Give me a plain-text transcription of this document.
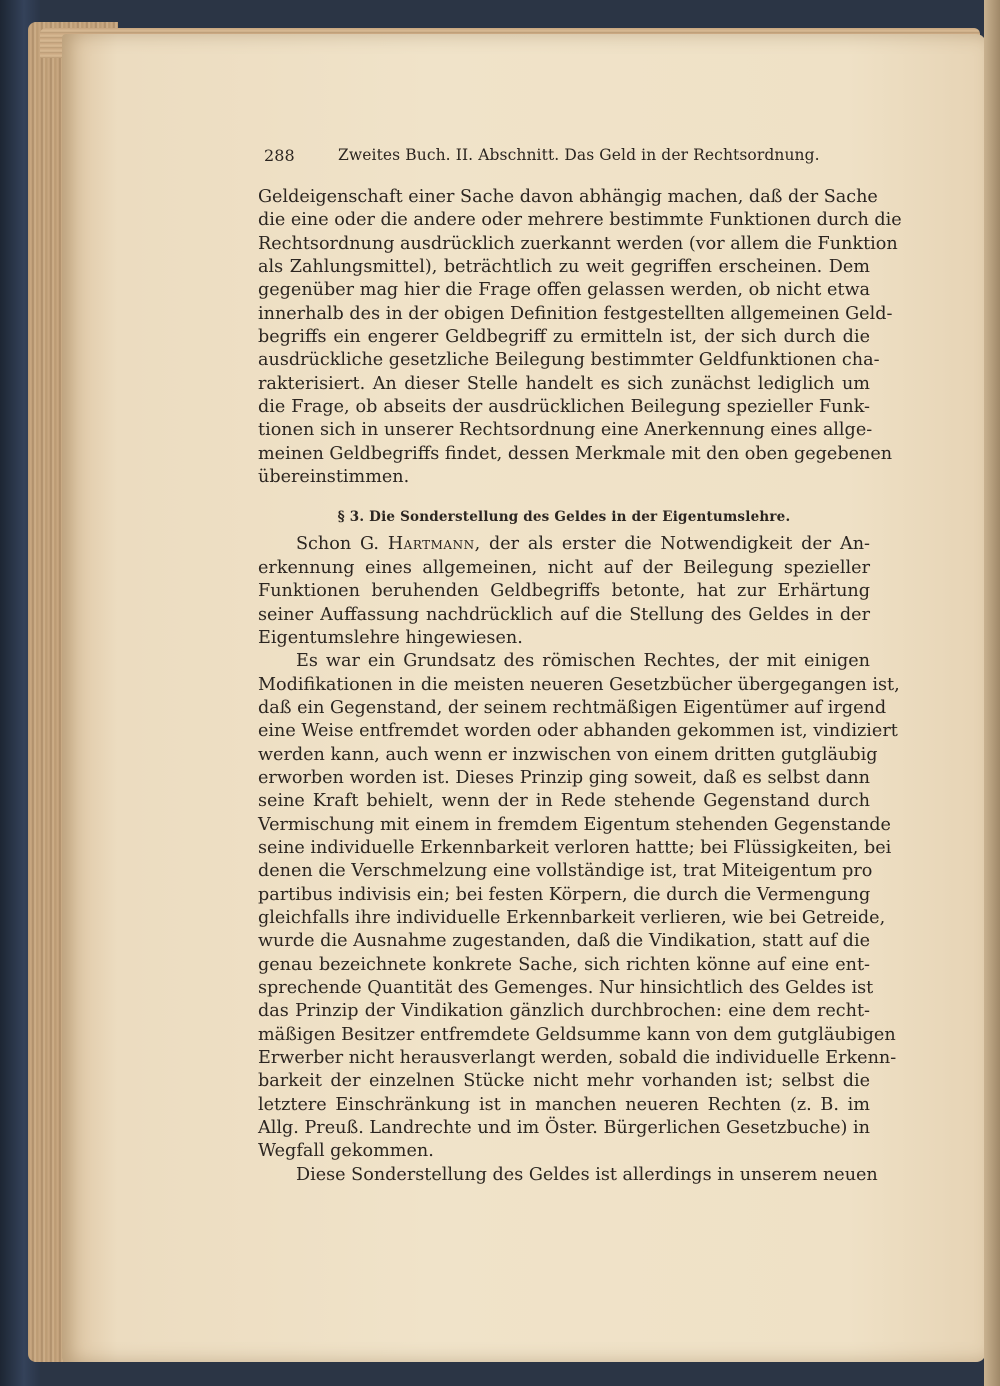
288	Zweites Buch. II. Abschnitt. Das Geld in der Rechtsordnung.
Geldeigenschaft einer Sache davon abhängig machen, daß der Sache
die eine oder die andere oder mehrere bestimmte Funktionen durch die
Rechtsordnung ausdrücklich zuerkannt werden (vor allem die Funktion
als Zahlungsmittel), beträchtlich zu weit gegriffen erscheinen. Dem
gegenüber mag hier die Frage offen gelassen werden, ob nicht etwa
innerhalb des in der obigen Definition festgestellten allgemeinen Geld-
begriffs ein engerer Geldbegriff zu ermitteln ist, der sich durch die
ausdrückliche gesetzliche Beilegung bestimmter Geldfunktionen cha-
rakterisiert. An dieser Stelle handelt es sich zunächst lediglich um
die Frage, ob abseits der ausdrücklichen Beilegung spezieller Funk-
tionen sich in unserer Rechtsordnung eine Anerkennung eines allge-
meinen Geldbegriffs findet, dessen Merkmale mit den oben gegebenen
übereinstimmen.
§ 3. Die Sonderstellung des Geldes in der Eigentumslehre.
Schon G. Hartmann, der als erster die Notwendigkeit der An-
erkennung eines allgemeinen, nicht auf der Beilegung spezieller
Funktionen beruhenden Geldbegriffs betonte, hat zur Erhärtung
seiner Auffassung nachdrücklich auf die Stellung des Geldes in der
Eigentumslehre hingewiesen.
Es war ein Grundsatz des römischen Rechtes, der mit einigen
Modifikationen in die meisten neueren Gesetzbücher übergegangen ist,
daß ein Gegenstand, der seinem rechtmäßigen Eigentümer auf irgend
eine Weise entfremdet worden oder abhanden gekommen ist, vindiziert
werden kann, auch wenn er inzwischen von einem dritten gutgläubig
erworben worden ist. Dieses Prinzip ging soweit, daß es selbst dann
seine Kraft behielt, wenn der in Rede stehende Gegenstand durch
Vermischung mit einem in fremdem Eigentum stehenden Gegenstande
seine individuelle Erkennbarkeit verloren hattte; bei Flüssigkeiten, bei
denen die Verschmelzung eine vollständige ist, trat Miteigentum pro
partibus indivisis ein; bei festen Körpern, die durch die Vermengung
gleichfalls ihre individuelle Erkennbarkeit verlieren, wie bei Getreide,
wurde die Ausnahme zugestanden, daß die Vindikation, statt auf die
genau bezeichnete konkrete Sache, sich richten könne auf eine ent-
sprechende Quantität des Gemenges. Nur hinsichtlich des Geldes ist
das Prinzip der Vindikation gänzlich durchbrochen: eine dem recht-
mäßigen Besitzer entfremdete Geldsumme kann von dem gutgläubigen
Erwerber nicht herausverlangt werden, sobald die individuelle Erkenn-
barkeit der einzelnen Stücke nicht mehr vorhanden ist; selbst die
letztere Einschränkung ist in manchen neueren Rechten (z. B. im
Allg. Preuß. Landrechte und im Öster. Bürgerlichen Gesetzbuche) in
Wegfall gekommen.
Diese Sonderstellung des Geldes ist allerdings in unserem neuen
